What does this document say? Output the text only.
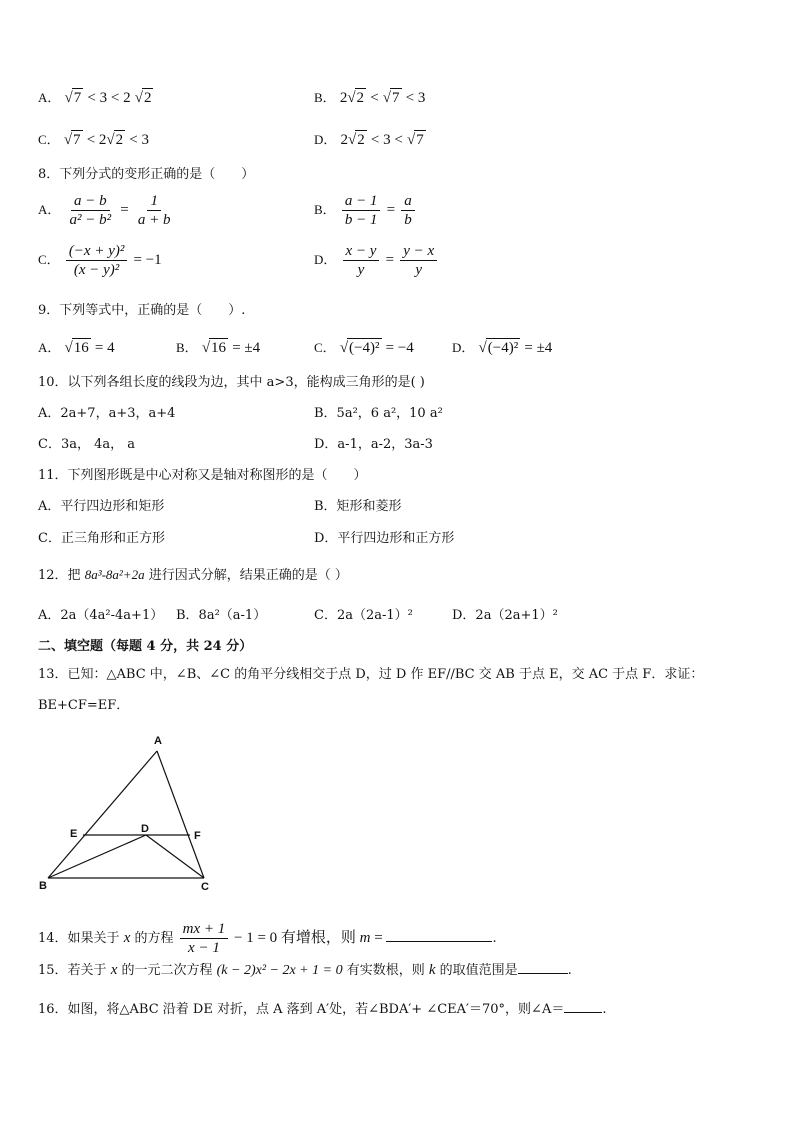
A． √7 < 3 < 2 √2	B． 2√2 < √7 < 3
C． √7 < 2√2 < 3	D． 2√2 < 3 < √7
8．下列分式的变形正确的是（　　）
A． $\frac{a - b}{\text{a² − b²}} = \frac{1}{a + b}$	B． $\frac{a - 1}{b - 1} = \frac{a}{b}$
C． $\frac{\text{(−x + y)²}}{\text{(x − y)²}} = -1$	D． $\frac{x - y}{y} = \frac{y - x}{y}$
9．下列等式中，正确的是（　　）.
A． √16 = 4	B． √16 = ±4	C． √(−4)² = −4	D． √(−4)² = ±4
10．以下列各组长度的线段为边，其中 a>3，能构成三角形的是( )
A．2a+7，a+3，a+4	B．5a²，6 a²，10 a²
C．3a， 4a， a	D．a-1，a-2，3a-3
11．下列图形既是中心对称又是轴对称图形的是（　　）
A．平行四边形和矩形	B．矩形和菱形
C．正三角形和正方形	D．平行四边形和正方形
12．把 8a³-8a²+2a 进行因式分解，结果正确的是（ ）
A．2a（4a²-4a+1） B．8a²（a-1）	C．2a（2a-1）²	D．2a（2a+1）²
二、填空题（每题 4 分，共 24 分）
13．已知：△ABC 中，∠B、∠C 的角平分线相交于点 D，过 D 作 EF//BC 交 AB 于点 E，交 AC 于点 F．求证：
BE+CF=EF．
A
E	D
F
B	C
14．如果关于 x 的方程 $\frac{mx + 1}{x - 1} - 1 = 0$ 有增根，则 m =	.
15．若关于 x 的一元二次方程 (k − 2)x² − 2x + 1 = 0 有实数根，则 k 的取值范围是	.
16．如图，将△ABC 沿着 DE 对折，点 A 落到 A′处，若∠BDA′+ ∠CEA′＝70°，则∠A＝	.
